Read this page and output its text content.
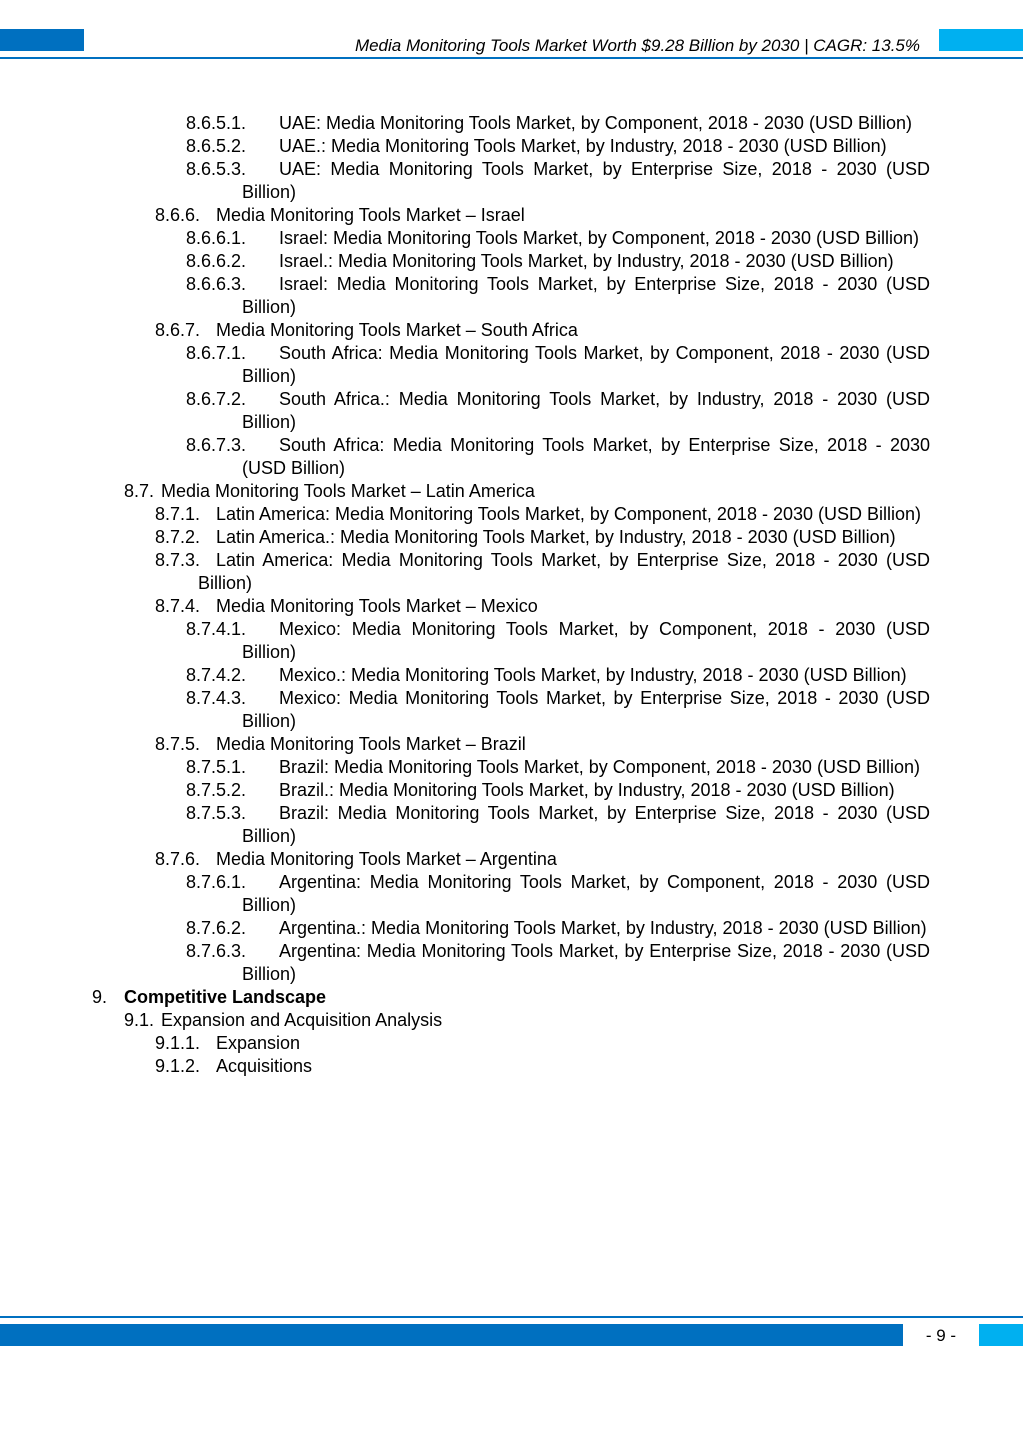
Media Monitoring Tools Market Worth $9.28 Billion by 2030 | CAGR: 13.5%
8.6.5.1. UAE: Media Monitoring Tools Market, by Component, 2018 - 2030 (USD Billion)
8.6.5.2. UAE.: Media Monitoring Tools Market, by Industry, 2018 - 2030 (USD Billion)
8.6.5.3. UAE: Media Monitoring Tools Market, by Enterprise Size, 2018 - 2030 (USD Billion)
8.6.6. Media Monitoring Tools Market – Israel
8.6.6.1. Israel: Media Monitoring Tools Market, by Component, 2018 - 2030 (USD Billion)
8.6.6.2. Israel.: Media Monitoring Tools Market, by Industry, 2018 - 2030 (USD Billion)
8.6.6.3. Israel: Media Monitoring Tools Market, by Enterprise Size, 2018 - 2030 (USD Billion)
8.6.7. Media Monitoring Tools Market – South Africa
8.6.7.1. South Africa: Media Monitoring Tools Market, by Component, 2018 - 2030 (USD Billion)
8.6.7.2. South Africa.: Media Monitoring Tools Market, by Industry, 2018 - 2030 (USD Billion)
8.6.7.3. South Africa: Media Monitoring Tools Market, by Enterprise Size, 2018 - 2030 (USD Billion)
8.7. Media Monitoring Tools Market – Latin America
8.7.1. Latin America: Media Monitoring Tools Market, by Component, 2018 - 2030 (USD Billion)
8.7.2. Latin America.: Media Monitoring Tools Market, by Industry, 2018 - 2030 (USD Billion)
8.7.3. Latin America: Media Monitoring Tools Market, by Enterprise Size, 2018 - 2030 (USD Billion)
8.7.4. Media Monitoring Tools Market – Mexico
8.7.4.1. Mexico: Media Monitoring Tools Market, by Component, 2018 - 2030 (USD Billion)
8.7.4.2. Mexico.: Media Monitoring Tools Market, by Industry, 2018 - 2030 (USD Billion)
8.7.4.3. Mexico: Media Monitoring Tools Market, by Enterprise Size, 2018 - 2030 (USD Billion)
8.7.5. Media Monitoring Tools Market – Brazil
8.7.5.1. Brazil: Media Monitoring Tools Market, by Component, 2018 - 2030 (USD Billion)
8.7.5.2. Brazil.: Media Monitoring Tools Market, by Industry, 2018 - 2030 (USD Billion)
8.7.5.3. Brazil: Media Monitoring Tools Market, by Enterprise Size, 2018 - 2030 (USD Billion)
8.7.6. Media Monitoring Tools Market – Argentina
8.7.6.1. Argentina: Media Monitoring Tools Market, by Component, 2018 - 2030 (USD Billion)
8.7.6.2. Argentina.: Media Monitoring Tools Market, by Industry, 2018 - 2030 (USD Billion)
8.7.6.3. Argentina: Media Monitoring Tools Market, by Enterprise Size, 2018 - 2030 (USD Billion)
9. Competitive Landscape
9.1. Expansion and Acquisition Analysis
9.1.1. Expansion
9.1.2. Acquisitions
- 9 -
